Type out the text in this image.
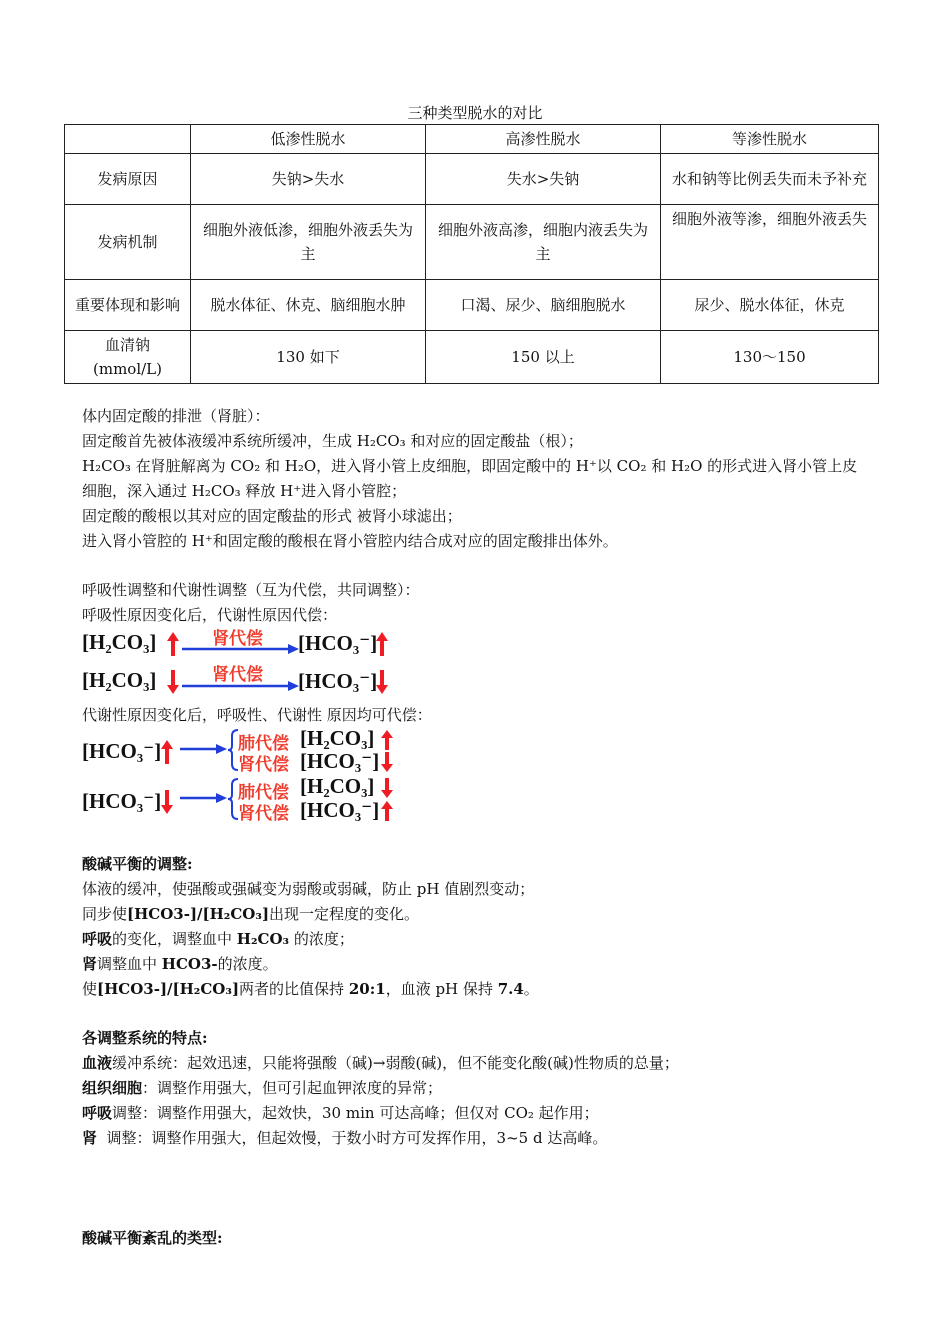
三种类型脱水的对比
	低渗性脱水	高渗性脱水	等渗性脱水
发病原因	失钠>失水	失水>失钠	水和钠等比例丢失而未予补充
发病机制	细胞外液低渗，细胞外液丢失为主	细胞外液高渗，细胞内液丢失为主	细胞外液等渗，细胞外液丢失
重要体现和影响	脱水体征、休克、脑细胞水肿	口渴、尿少、脑细胞脱水	尿少、脱水体征，休克
血清钠(mmol/L)	130 如下	150 以上	130～150
体内固定酸的排泄（肾脏）：
固定酸首先被体液缓冲系统所缓冲，生成 H₂CO₃ 和对应的固定酸盐（根）；
H₂CO₃ 在肾脏解离为 CO₂ 和 H₂O，进入肾小管上皮细胞，即固定酸中的 H⁺以 CO₂ 和 H₂O 的形式进入肾小管上皮细胞，深入通过 H₂CO₃ 释放 H⁺进入肾小管腔；
固定酸的酸根以其对应的固定酸盐的形式 被肾小球滤出；
进入肾小管腔的 H⁺和固定酸的酸根在肾小管腔内结合成对应的固定酸排出体外。
呼吸性调整和代谢性调整（互为代偿，共同调整）：
呼吸性原因变化后，代谢性原因代偿：
[H₂CO₃]	肾代偿 [HCO₃⁻]
[H₂CO₃]	肾代偿 [HCO₃⁻]
代谢性原因变化后，呼吸性、代谢性 原因均可代偿：
[HCO₃⁻]	肺代偿
肾代偿
[H₂CO₃]
[HCO₃⁻]
[HCO₃⁻]	肺代偿
肾代偿
[H₂CO₃]
[HCO₃⁻]
酸碱平衡的调整:
体液的缓冲，使强酸或强碱变为弱酸或弱碱，防止 pH 值剧烈变动；
同步使[HCO3-]/[H₂CO₃]出现一定程度的变化。
呼吸的变化，调整血中 H₂CO₃ 的浓度；
肾调整血中 HCO3-的浓度。
使[HCO3-]/[H₂CO₃]两者的比值保持 20:1，血液 pH 保持 7.4。
各调整系统的特点:
血液缓冲系统：起效迅速，只能将强酸（碱)→弱酸(碱)，但不能变化酸(碱)性物质的总量；
组织细胞：调整作用强大，但可引起血钾浓度的异常；
呼吸调整：调整作用强大，起效快，30 min 可达高峰；但仅对 CO₂ 起作用；
肾  调整：调整作用强大，但起效慢，于数小时方可发挥作用，3~5 d 达高峰。
酸碱平衡紊乱的类型:
